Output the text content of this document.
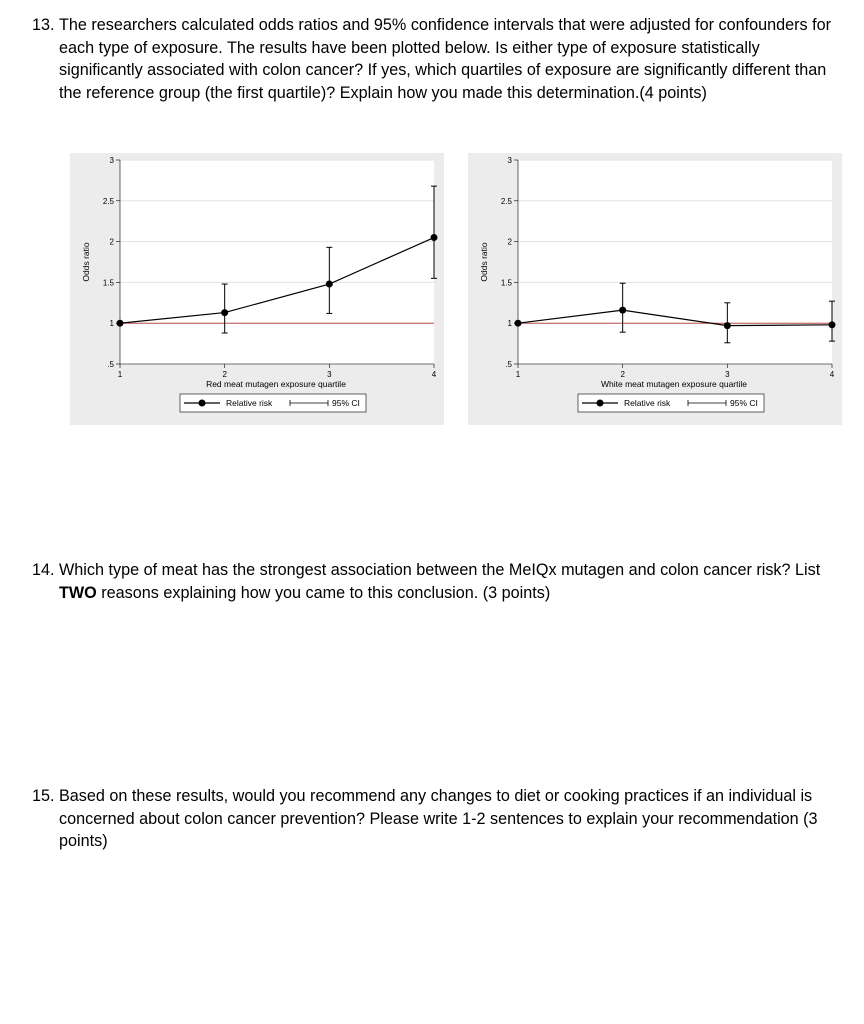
13. The researchers calculated odds ratios and 95% confidence intervals that were adjusted for confounders for each type of exposure. The results have been plotted below. Is either type of exposure statistically significantly associated with colon cancer? If yes, which quartiles of exposure are significantly different than the reference group (the first quartile)? Explain how you made this determination.(4 points)
.5
1
1.5
2
2.5
3
1	2	3	4
Odds ratio
Red meat mutagen exposure quartile
Relative risk	95% CI
.5
1
1.5
2
2.5
3
1	2	3	4
Odds ratio
White meat mutagen exposure quartile
Relative risk	95% CI
14. Which type of meat has the strongest association between the MeIQx mutagen and colon cancer risk? List TWO reasons explaining how you came to this conclusion. (3 points)
15. Based on these results, would you recommend any changes to diet or cooking practices if an individual is concerned about colon cancer prevention? Please write 1-2 sentences to explain your recommendation (3 points)
